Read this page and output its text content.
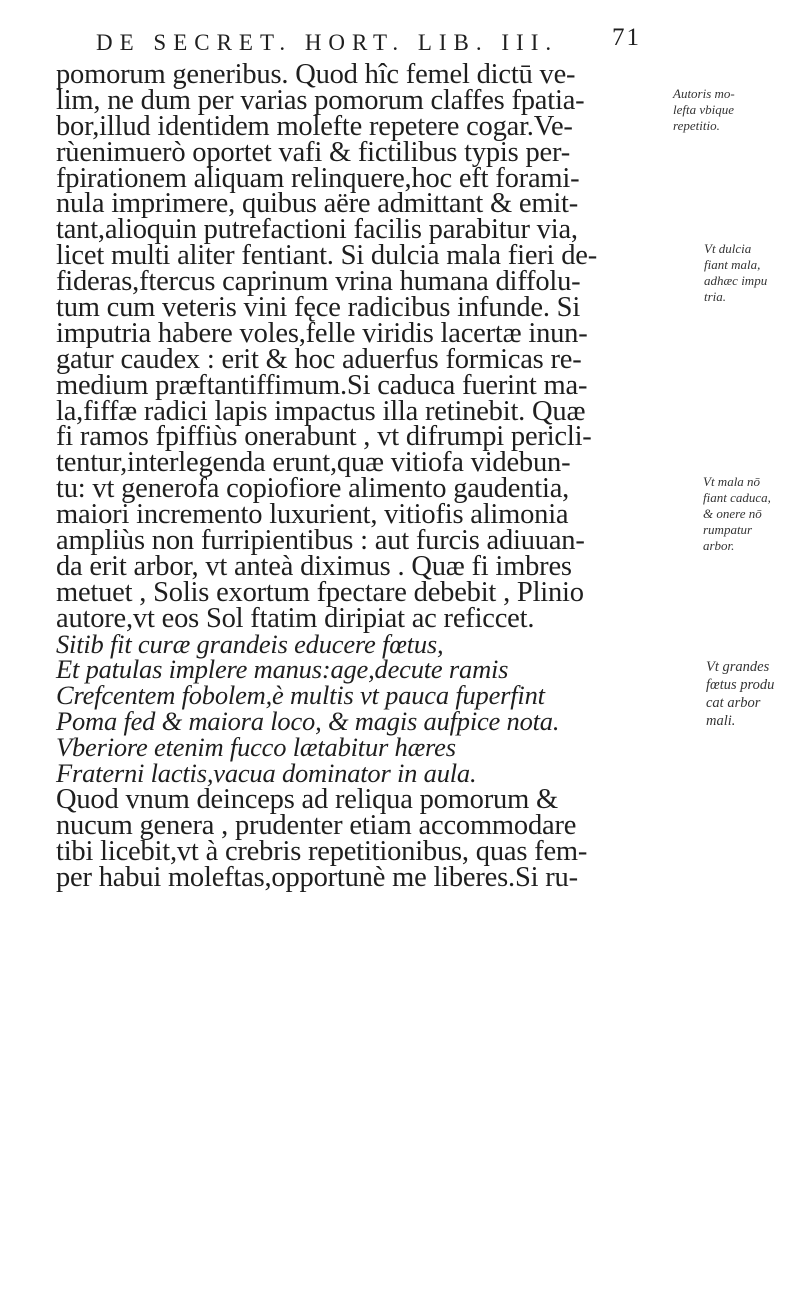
DE SECRET. HORT. LIB. III. 71
pomorum generibus. Quod hîc femel dictū ve-
lim, ne dum per varias pomorum claffes fpatia-
bor,illud identidem molefte repetere cogar.Ve-
rùenimuerò oportet vafi & fictilibus typis per-
fpirationem aliquam relinquere,hoc eft forami-
nula imprimere, quibus aëre admittant & emit-
tant,alioquin putrefactioni facilis parabitur via,
licet multi aliter fentiant. Si dulcia mala fieri de-
fideras,ftercus caprinum vrina humana diffolu-
tum cum veteris vini fęce radicibus infunde. Si
imputria habere voles,felle viridis lacertæ inun-
gatur caudex : erit & hoc aduerfus formicas re-
medium præftantiffimum.Si caduca fuerint ma-
la,fiffæ radici lapis impactus illa retinebit. Quæ
fi ramos fpiffiùs onerabunt , vt difrumpi pericli-
tentur,interlegenda erunt,quæ vitiofa videbun-
tu: vt generofa copiofiore alimento gaudentia,
maiori incremento luxurient, vitiofis alimonia
ampliùs non furripientibus : aut furcis adiuuan-
da erit arbor, vt anteà diximus . Quæ fi imbres
metuet , Solis exortum fpectare debebit , Plinio
autore,vt eos Sol ftatim diripiat ac reficcet.
Sitib fit curæ grandeis educere fœtus,
Et patulas implere manus:age,decute ramis
Crefcentem fobolem,è multis vt pauca fuperfint
Poma fed & maiora loco, & magis aufpice nota.
Vberiore etenim fucco lætabitur hæres
Fraterni lactis,vacua dominator in aula.
Quod vnum deinceps ad reliqua pomorum &
nucum genera , prudenter etiam accommodare
tibi licebit,vt à crebris repetitionibus, quas fem-
per habui moleftas,opportunè me liberes.Si ru-
Autoris mo-
lefta vbique
repetitio.
Vt dulcia
fiant mala,
adhæc impu
tria.
Vt mala nō
fiant caduca,
& onere nō
rumpatur
arbor.
Vt grandes
fœtus produ
cat arbor
mali.
